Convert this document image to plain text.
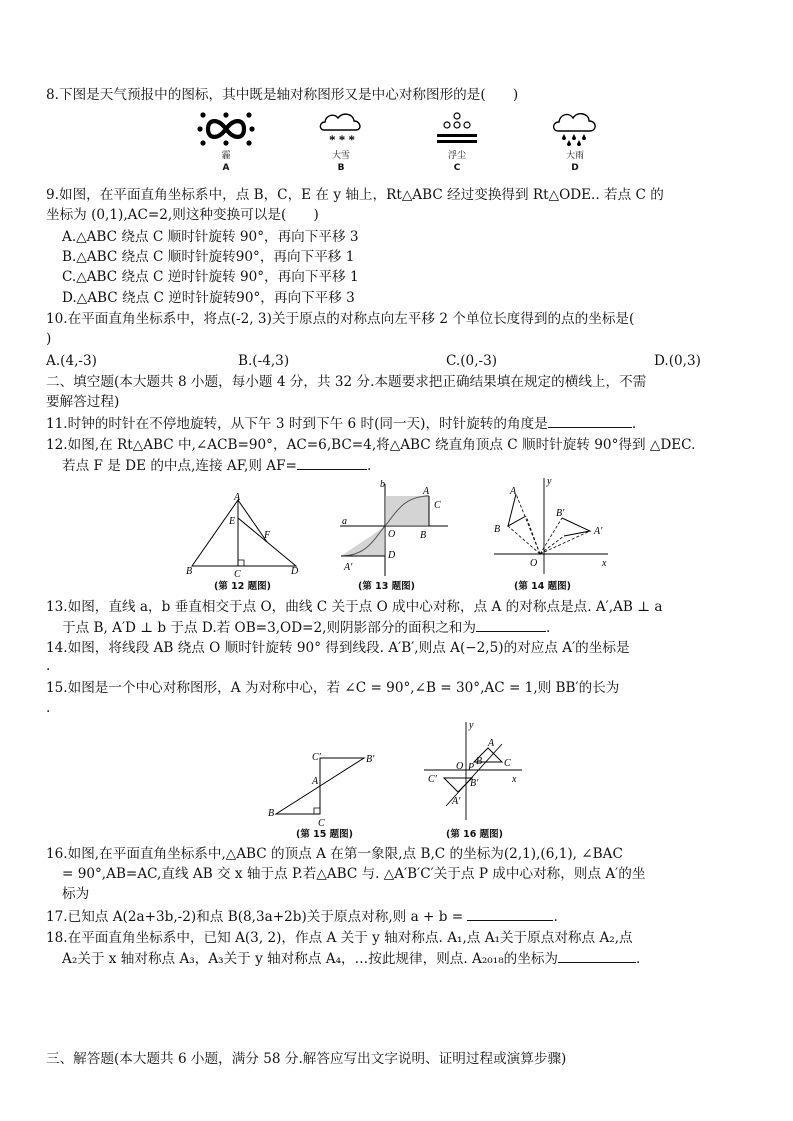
8.下图是天气预报中的图标，其中既是轴对称图形又是中心对称图形的是(　　)
霾
A
* * *
大雪
B
浮尘
C
大雨
D
9.如图，在平面直角坐标系中，点 B，C，E 在 y 轴上，Rt△ABC 经过变换得到 Rt△ODE.. 若点 C 的
坐标为 (0,1),AC=2,则这种变换可以是(　　)
A.△ABC 绕点 C 顺时针旋转 90°，再向下平移 3
B.△ABC 绕点 C 顺时针旋转90°，再向下平移 1
C.△ABC 绕点 C 逆时针旋转 90°，再向下平移 1
D.△ABC 绕点 C 逆时针旋转90°，再向下平移 3
10.在平面直角坐标系中，将点(-2, 3)关于原点的对称点向左平移 2 个单位长度得到的点的坐标是(
)
A.(4,-3)	B.(-4,3)	C.(0,-3)	D.(0,3)
二、填空题(本大题共 8 小题，每小题 4 分，共 32 分.本题要求把正确结果填在规定的横线上，不需
要解答过程)
11.时钟的时针在不停地旋转，从下午 3 时到下午 6 时(同一天)，时针旋转的角度是	.
12.如图,在 Rt△ABC 中,∠ACB=90°，AC=6,BC=4,将△ABC 绕直角顶点 C 顺时针旋转 90°得到 △DEC.
若点 F 是 DE 的中点,连接 AF,则 AF=	.
A
E
F
B	C	D
(第 12 题图)
b
a
A
C
O B
D
A′
(第 13 题图)
y
A
B
B′
A′
O	x
(第 14 题图)
13.如图，直线 a，b 垂直相交于点 O，曲线 C 关于点 O 成中心对称，点 A 的对称点是点. A′,AB ⊥ a
于点 B, A′D ⊥ b 于点 D.若 OB=3,OD=2,则阴影部分的面积之和为	.
14.如图，将线段 AB 绕点 O 顺时针旋转 90° 得到线段. A′B′,则点 A(−2,5)的对应点 A′的坐标是
.
15.如图是一个中心对称图形，A 为对称中心，若 ∠C = 90°,∠B = 30°,AC = 1,则 BB′的长为
.
C′	B′
A
B
C
(第 15 题图)
y
A
B C
O P
C′	B′
A′
x
(第 16 题图)
16.如图,在平面直角坐标系中,△ABC 的顶点 A 在第一象限,点 B,C 的坐标为(2,1),(6,1), ∠BAC
= 90°,AB=AC,直线 AB 交 x 轴于点 P.若△ABC 与. △A′B′C′关于点 P 成中心对称，则点 A′的坐
标为
17.已知点 A(2a+3b,-2)和点 B(8,3a+2b)关于原点对称,则 a + b =	.
18.在平面直角坐标系中，已知 A(3, 2)，作点 A 关于 y 轴对称点. A₁,点 A₁关于原点对称点 A₂,点
A₂关于 x 轴对称点 A₃，A₃关于 y 轴对称点 A₄，…按此规律，则点. A₂₀₁₈的坐标为	.
三、解答题(本大题共 6 小题，满分 58 分.解答应写出文字说明、证明过程或演算步骤)
